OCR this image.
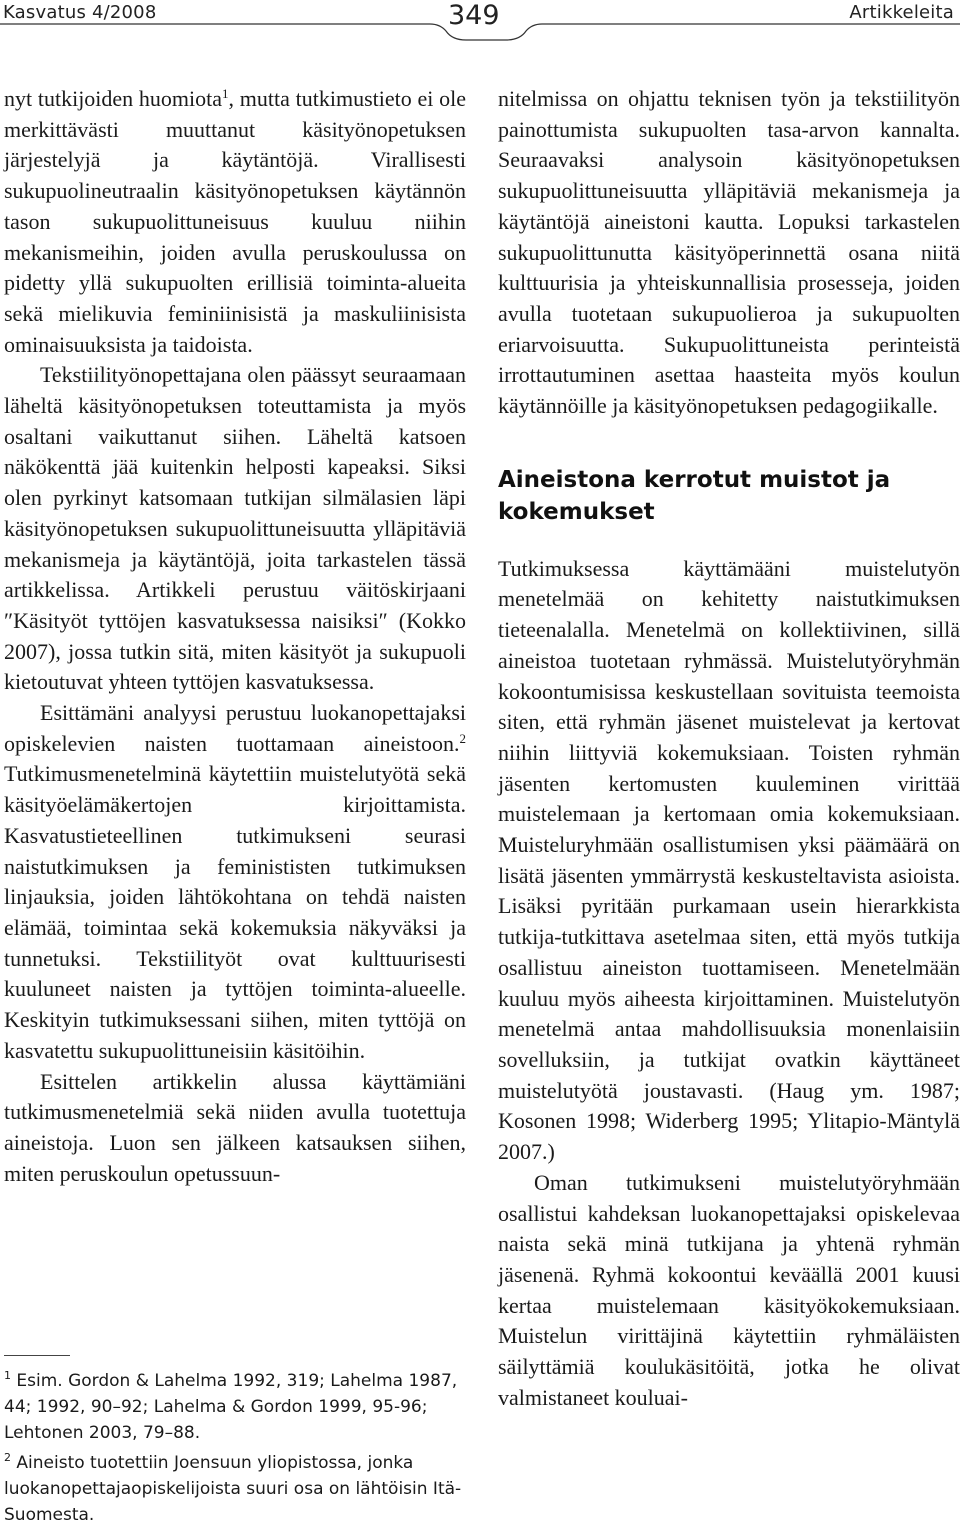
Kasvatus 4/2008	349	Artikkeleita

nyt tutkijoiden huomiota$^1$, mutta tutkimustieto ei ole merkittävästi muuttanut käsityönopetuksen järjestelyjä ja käytäntöjä. Virallisesti sukupuolineutraalin käsityönopetuksen käytännön tason sukupuolittuneisuus kuuluu niihin mekanismeihin, joiden avulla peruskoulussa on pidetty yllä sukupuolten erillisiä toiminta-alueita sekä mielikuvia feminiinisistä ja maskuliinisista ominaisuuksista ja taidoista.

Tekstiilityönopettajana olen päässyt seuraamaan läheltä käsityönopetuksen toteuttamista ja myös osaltani vaikuttanut siihen. Läheltä katsoen näkökenttä jää kuitenkin helposti kapeaksi. Siksi olen pyrkinyt katsomaan tutkijan silmälasien läpi käsityönopetuksen sukupuolittuneisuutta ylläpitäviä mekanismeja ja käytäntöjä, joita tarkastelen tässä artikkelissa. Artikkeli perustuu väitöskirjaani ″Käsityöt tyttöjen kasvatuksessa naisiksi″ (Kokko 2007), jossa tutkin sitä, miten käsityöt ja sukupuoli kietoutuvat yhteen tyttöjen kasvatuksessa.

Esittämäni analyysi perustuu luokanopettajaksi opiskelevien naisten tuottamaan aineistoon.$^2$ Tutkimusmenetelminä käytettiin muistelutyötä sekä käsityöelämäkertojen kirjoittamista. Kasvatustieteellinen tutkimukseni seurasi naistutkimuksen ja feminististen tutkimuksen linjauksia, joiden lähtökohtana on tehdä naisten elämää, toimintaa sekä kokemuksia näkyväksi ja tunnetuksi. Tekstiilityöt ovat kulttuurisesti kuuluneet naisten ja tyttöjen toiminta-alueelle. Keskityin tutkimuksessani siihen, miten tyttöjä on kasvatettu sukupuolittuneisiin käsitöihin.

Esittelen artikkelin alussa käyttämiäni tutkimusmenetelmiä sekä niiden avulla tuotettuja aineistoja. Luon sen jälkeen katsauksen siihen, miten peruskoulun opetussuun-

$^1$ Esim. Gordon & Lahelma 1992, 319; Lahelma 1987, 44; 1992, 90–92; Lahelma & Gordon 1999, 95-96; Lehtonen 2003, 79–88.

$^2$ Aineisto tuotettiin Joensuun yliopistossa, jonka luokanopettajaopiskelijoista suuri osa on lähtöisin Itä-Suomesta.

nitelmissa on ohjattu teknisen työn ja tekstiilityön painottumista sukupuolten tasa-arvon kannalta. Seuraavaksi analysoin käsityönopetuksen sukupuolittuneisuutta ylläpitäviä mekanismeja ja käytäntöjä aineistoni kautta. Lopuksi tarkastelen sukupuolittunutta käsityöperinnettä osana niitä kulttuurisia ja yhteiskunnallisia prosesseja, joiden avulla tuotetaan sukupuolieroa ja sukupuolten eriarvoisuutta. Sukupuolittuneista perinteistä irrottautuminen asettaa haasteita myös koulun käytännöille ja käsityönopetuksen pedagogiikalle.

Aineistona kerrotut muistot ja kokemukset

Tutkimuksessa käyttämääni muistelutyön menetelmää on kehitetty naistutkimuksen tieteenalalla. Menetelmä on kollektiivinen, sillä aineistoa tuotetaan ryhmässä. Muistelutyöryhmän kokoontumisissa keskustellaan sovituista teemoista siten, että ryhmän jäsenet muistelevat ja kertovat niihin liittyviä kokemuksiaan. Toisten ryhmän jäsenten kertomusten kuuleminen virittää muistelemaan ja kertomaan omia kokemuksiaan. Muisteluryhmään osallistumisen yksi päämäärä on lisätä jäsenten ymmärrystä keskusteltavista asioista. Lisäksi pyritään purkamaan usein hierarkkista tutkija-tutkittava asetelmaa siten, että myös tutkija osallistuu aineiston tuottamiseen. Menetelmään kuuluu myös aiheesta kirjoittaminen. Muistelutyön menetelmä antaa mahdollisuuksia monenlaisiin sovelluksiin, ja tutkijat ovatkin käyttäneet muistelutyötä joustavasti. (Haug ym. 1987; Kosonen 1998; Widerberg 1995; Ylitapio-Mäntylä 2007.)

Oman tutkimukseni muistelutyöryhmään osallistui kahdeksan luokanopettajaksi opiskelevaa naista sekä minä tutkijana ja yhtenä ryhmän jäsenenä. Ryhmä kokoontui keväällä 2001 kuusi kertaa muistelemaan käsityökokemuksiaan. Muistelun virittäjinä käytettiin ryhmäläisten säilyttämiä koulukäsitöitä, jotka he olivat valmistaneet kouluai-
